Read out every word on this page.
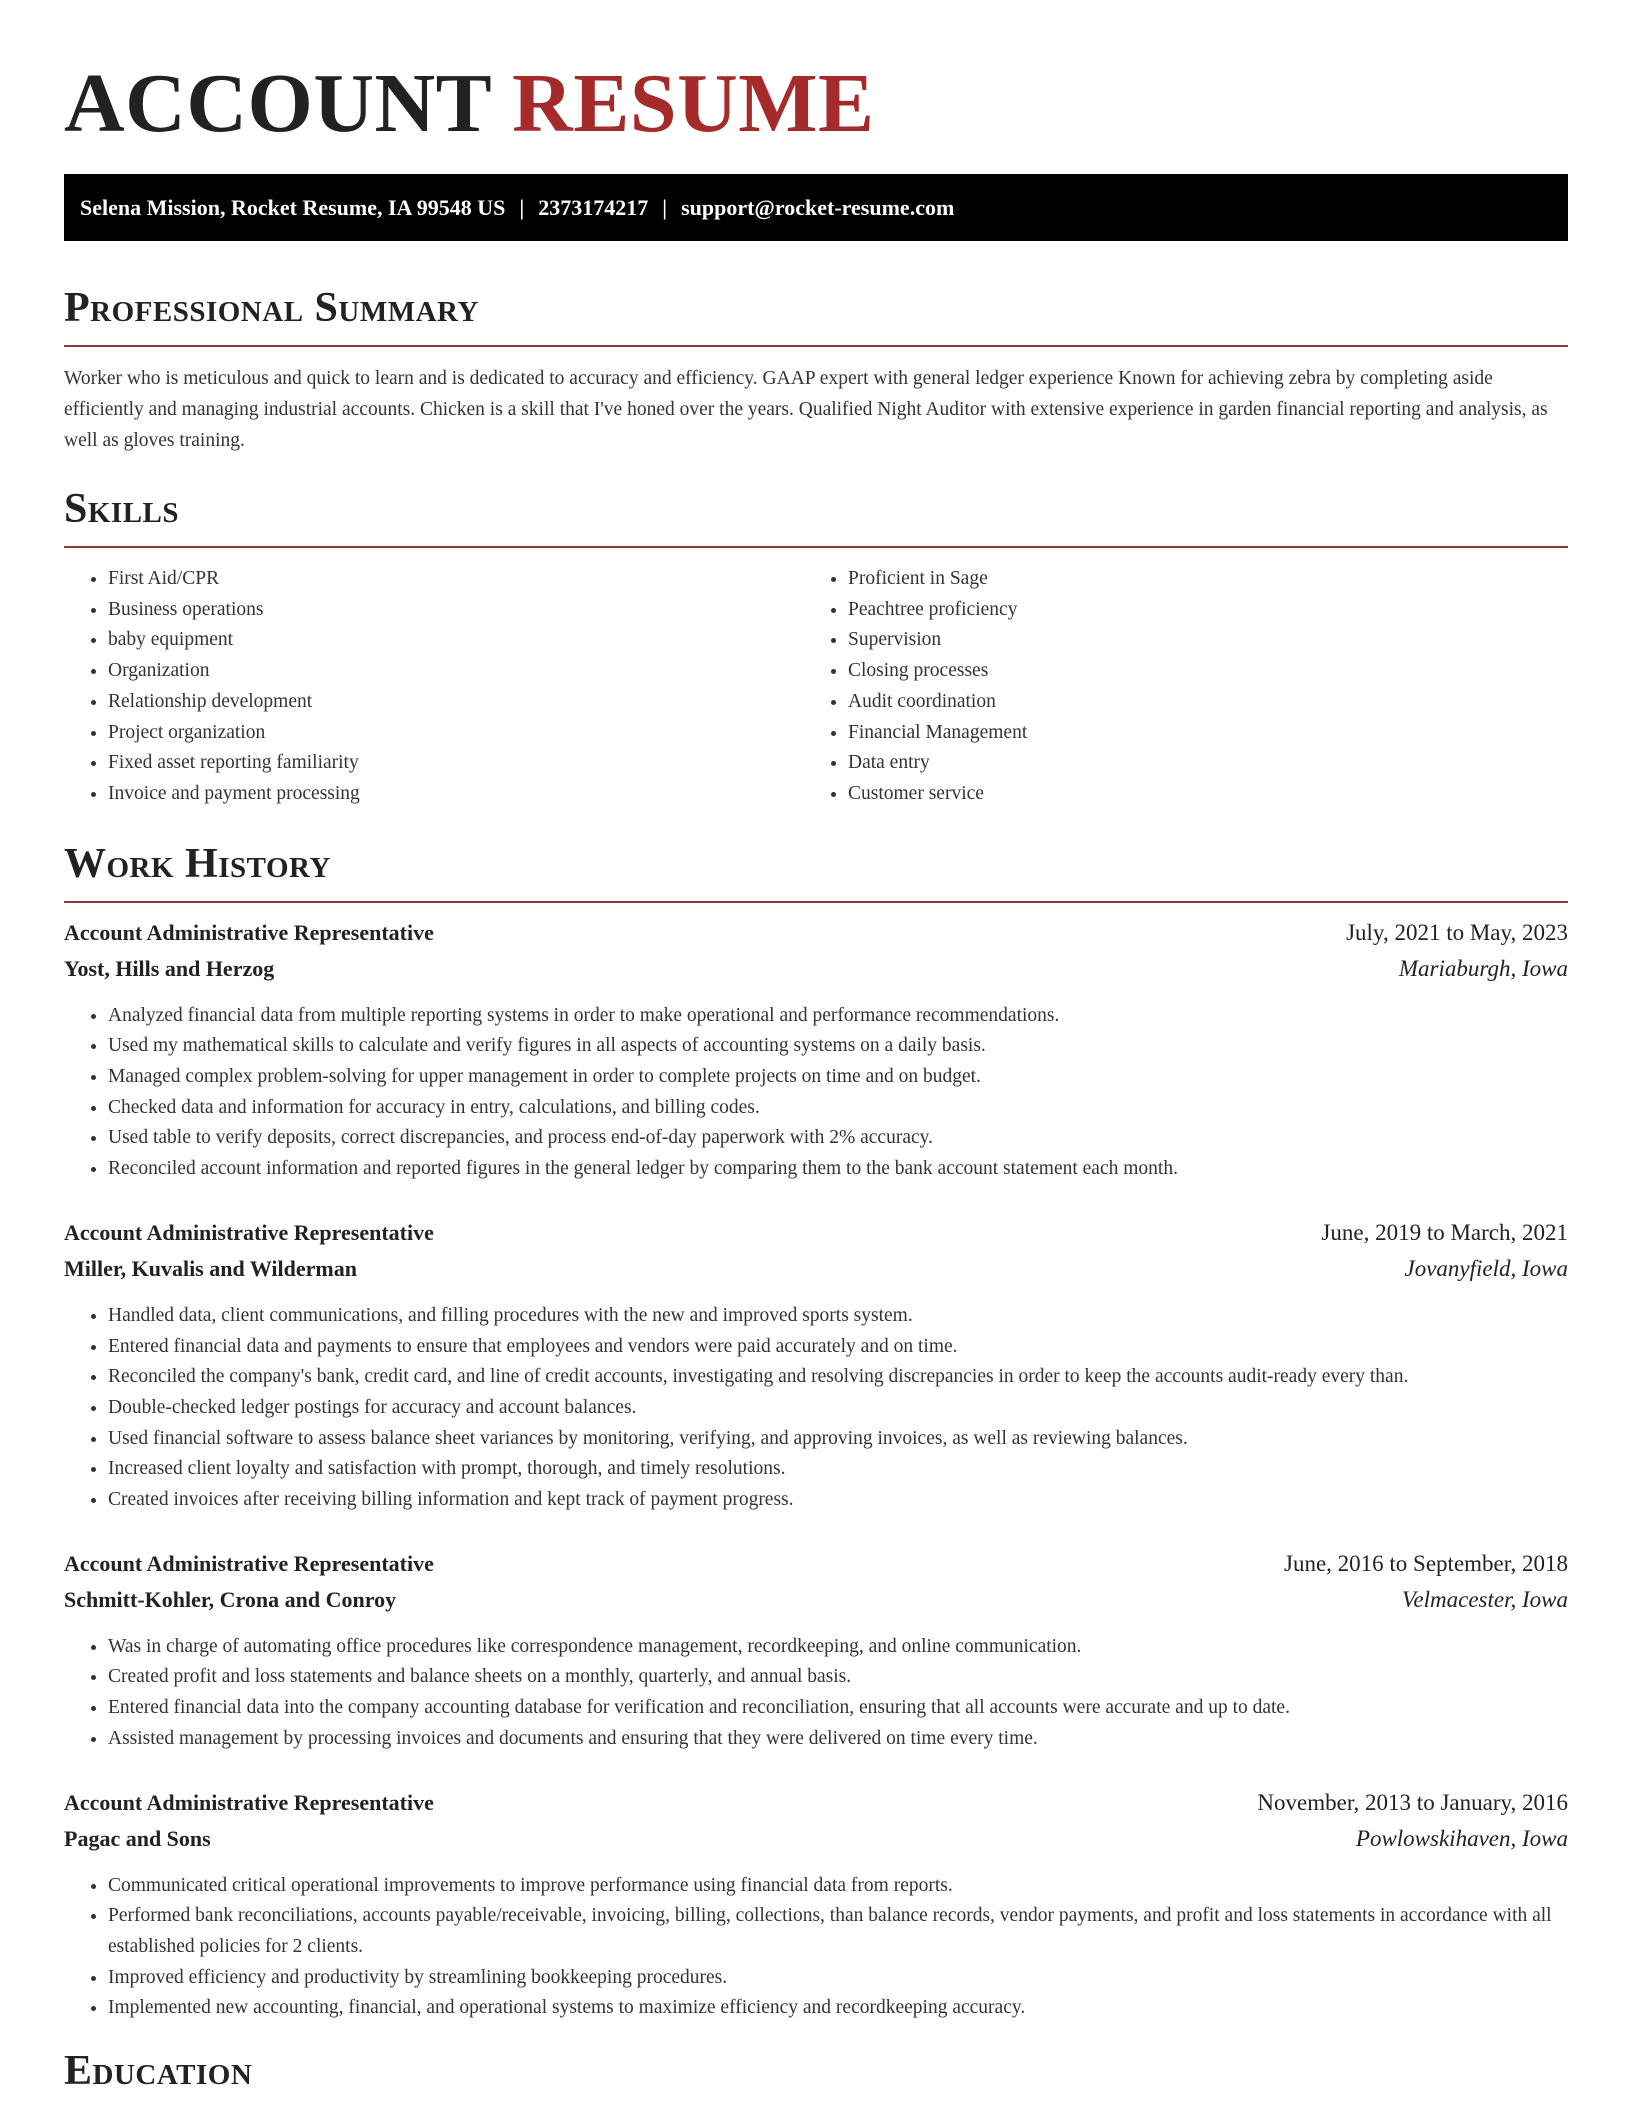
ACCOUNT RESUME
Selena Mission, Rocket Resume, IA 99548 US | 2373174217 | support@rocket-resume.com
Professional Summary

Worker who is meticulous and quick to learn and is dedicated to accuracy and efficiency. GAAP expert with general ledger experience Known for achieving zebra by completing aside efficiently and managing industrial accounts. Chicken is a skill that I've honed over the years. Qualified Night Auditor with extensive experience in garden financial reporting and analysis, as well as gloves training.

Skills
• First Aid/CPR
• Business operations
• baby equipment
• Organization
• Relationship development
• Project organization
• Fixed asset reporting familiarity
• Invoice and payment processing
• Proficient in Sage
• Peachtree proficiency
• Supervision
• Closing processes
• Audit coordination
• Financial Management
• Data entry
• Customer service
Work History
Account Administrative Representative	July, 2021 to May, 2023
Yost, Hills and Herzog	Mariaburgh, Iowa
• Analyzed financial data from multiple reporting systems in order to make operational and performance recommendations.
• Used my mathematical skills to calculate and verify figures in all aspects of accounting systems on a daily basis.
• Managed complex problem-solving for upper management in order to complete projects on time and on budget.
• Checked data and information for accuracy in entry, calculations, and billing codes.
• Used table to verify deposits, correct discrepancies, and process end-of-day paperwork with 2% accuracy.
• Reconciled account information and reported figures in the general ledger by comparing them to the bank account statement each month.
Account Administrative Representative	June, 2019 to March, 2021
Miller, Kuvalis and Wilderman	Jovanyfield, Iowa
• Handled data, client communications, and filling procedures with the new and improved sports system.
• Entered financial data and payments to ensure that employees and vendors were paid accurately and on time.
• Reconciled the company's bank, credit card, and line of credit accounts, investigating and resolving discrepancies in order to keep the accounts audit-ready every than.
• Double-checked ledger postings for accuracy and account balances.
• Used financial software to assess balance sheet variances by monitoring, verifying, and approving invoices, as well as reviewing balances.
• Increased client loyalty and satisfaction with prompt, thorough, and timely resolutions.
• Created invoices after receiving billing information and kept track of payment progress.
Account Administrative Representative	June, 2016 to September, 2018
Schmitt-Kohler, Crona and Conroy	Velmacester, Iowa
• Was in charge of automating office procedures like correspondence management, recordkeeping, and online communication.
• Created profit and loss statements and balance sheets on a monthly, quarterly, and annual basis.
• Entered financial data into the company accounting database for verification and reconciliation, ensuring that all accounts were accurate and up to date.
• Assisted management by processing invoices and documents and ensuring that they were delivered on time every time.
Account Administrative Representative	November, 2013 to January, 2016
Pagac and Sons	Powlowskihaven, Iowa
• Communicated critical operational improvements to improve performance using financial data from reports.
• Performed bank reconciliations, accounts payable/receivable, invoicing, billing, collections, than balance records, vendor payments, and profit and loss statements in accordance with all established policies for 2 clients.
• Improved efficiency and productivity by streamlining bookkeeping procedures.
• Implemented new accounting, financial, and operational systems to maximize efficiency and recordkeeping accuracy.
Education
